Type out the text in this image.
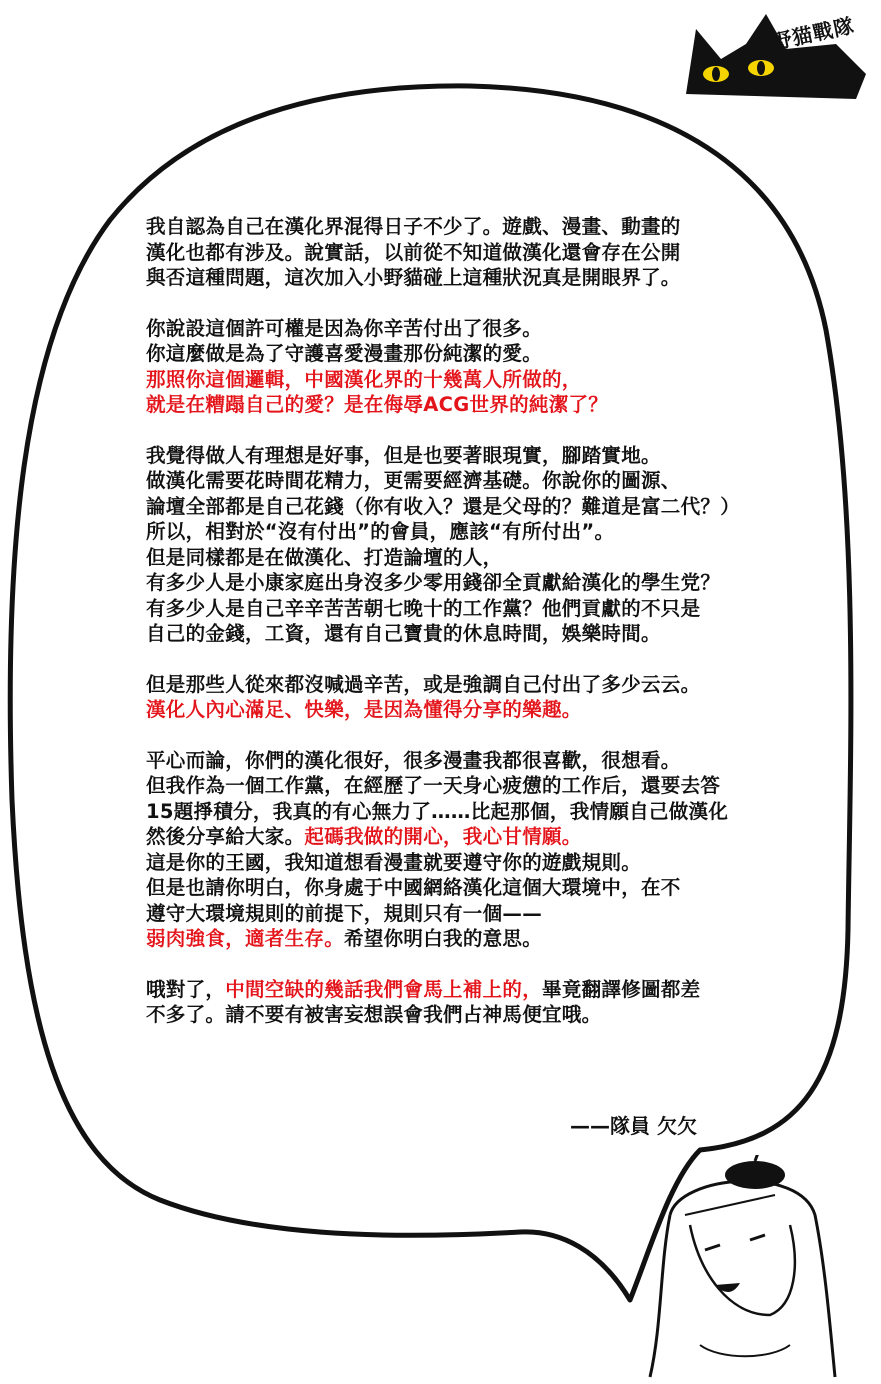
小野猫戰隊
我自認為自己在漢化界混得日子不少了。遊戲、漫畫、動畫的
漢化也都有涉及。說實話，以前從不知道做漢化還會存在公開
與否這種問題，這次加入小野貓碰上這種狀況真是開眼界了。
你說設這個許可權是因為你辛苦付出了很多。
你這麼做是為了守護喜愛漫畫那份純潔的愛。
那照你這個邏輯，中國漢化界的十幾萬人所做的，
就是在糟蹋自己的愛？是在侮辱ACG世界的純潔了？
我覺得做人有理想是好事，但是也要著眼現實，腳踏實地。
做漢化需要花時間花精力，更需要經濟基礎。你說你的圖源、
論壇全部都是自己花錢（你有收入？還是父母的？難道是富二代？）
所以，相對於“沒有付出”的會員，應該“有所付出”。
但是同樣都是在做漢化、打造論壇的人，
有多少人是小康家庭出身沒多少零用錢卻全貢獻給漢化的學生党？
有多少人是自己辛辛苦苦朝七晚十的工作黨？他們貢獻的不只是
自己的金錢，工資，還有自己寶貴的休息時間，娛樂時間。
但是那些人從來都沒喊過辛苦，或是強調自己付出了多少云云。
漢化人內心滿足、快樂，是因為懂得分享的樂趣。
平心而論，你們的漢化很好，很多漫畫我都很喜歡，很想看。
但我作為一個工作黨，在經歷了一天身心疲憊的工作后，還要去答
15題掙積分，我真的有心無力了……比起那個，我情願自己做漢化
然後分享給大家。起碼我做的開心，我心甘情願。
這是你的王國，我知道想看漫畫就要遵守你的遊戲規則。
但是也請你明白，你身處于中國網絡漢化這個大環境中，在不
遵守大環境規則的前提下，規則只有一個——
弱肉強食，適者生存。希望你明白我的意思。
哦對了，中間空缺的幾話我們會馬上補上的，畢竟翻譯修圖都差
不多了。請不要有被害妄想誤會我們占神馬便宜哦。
——隊員 欠欠
